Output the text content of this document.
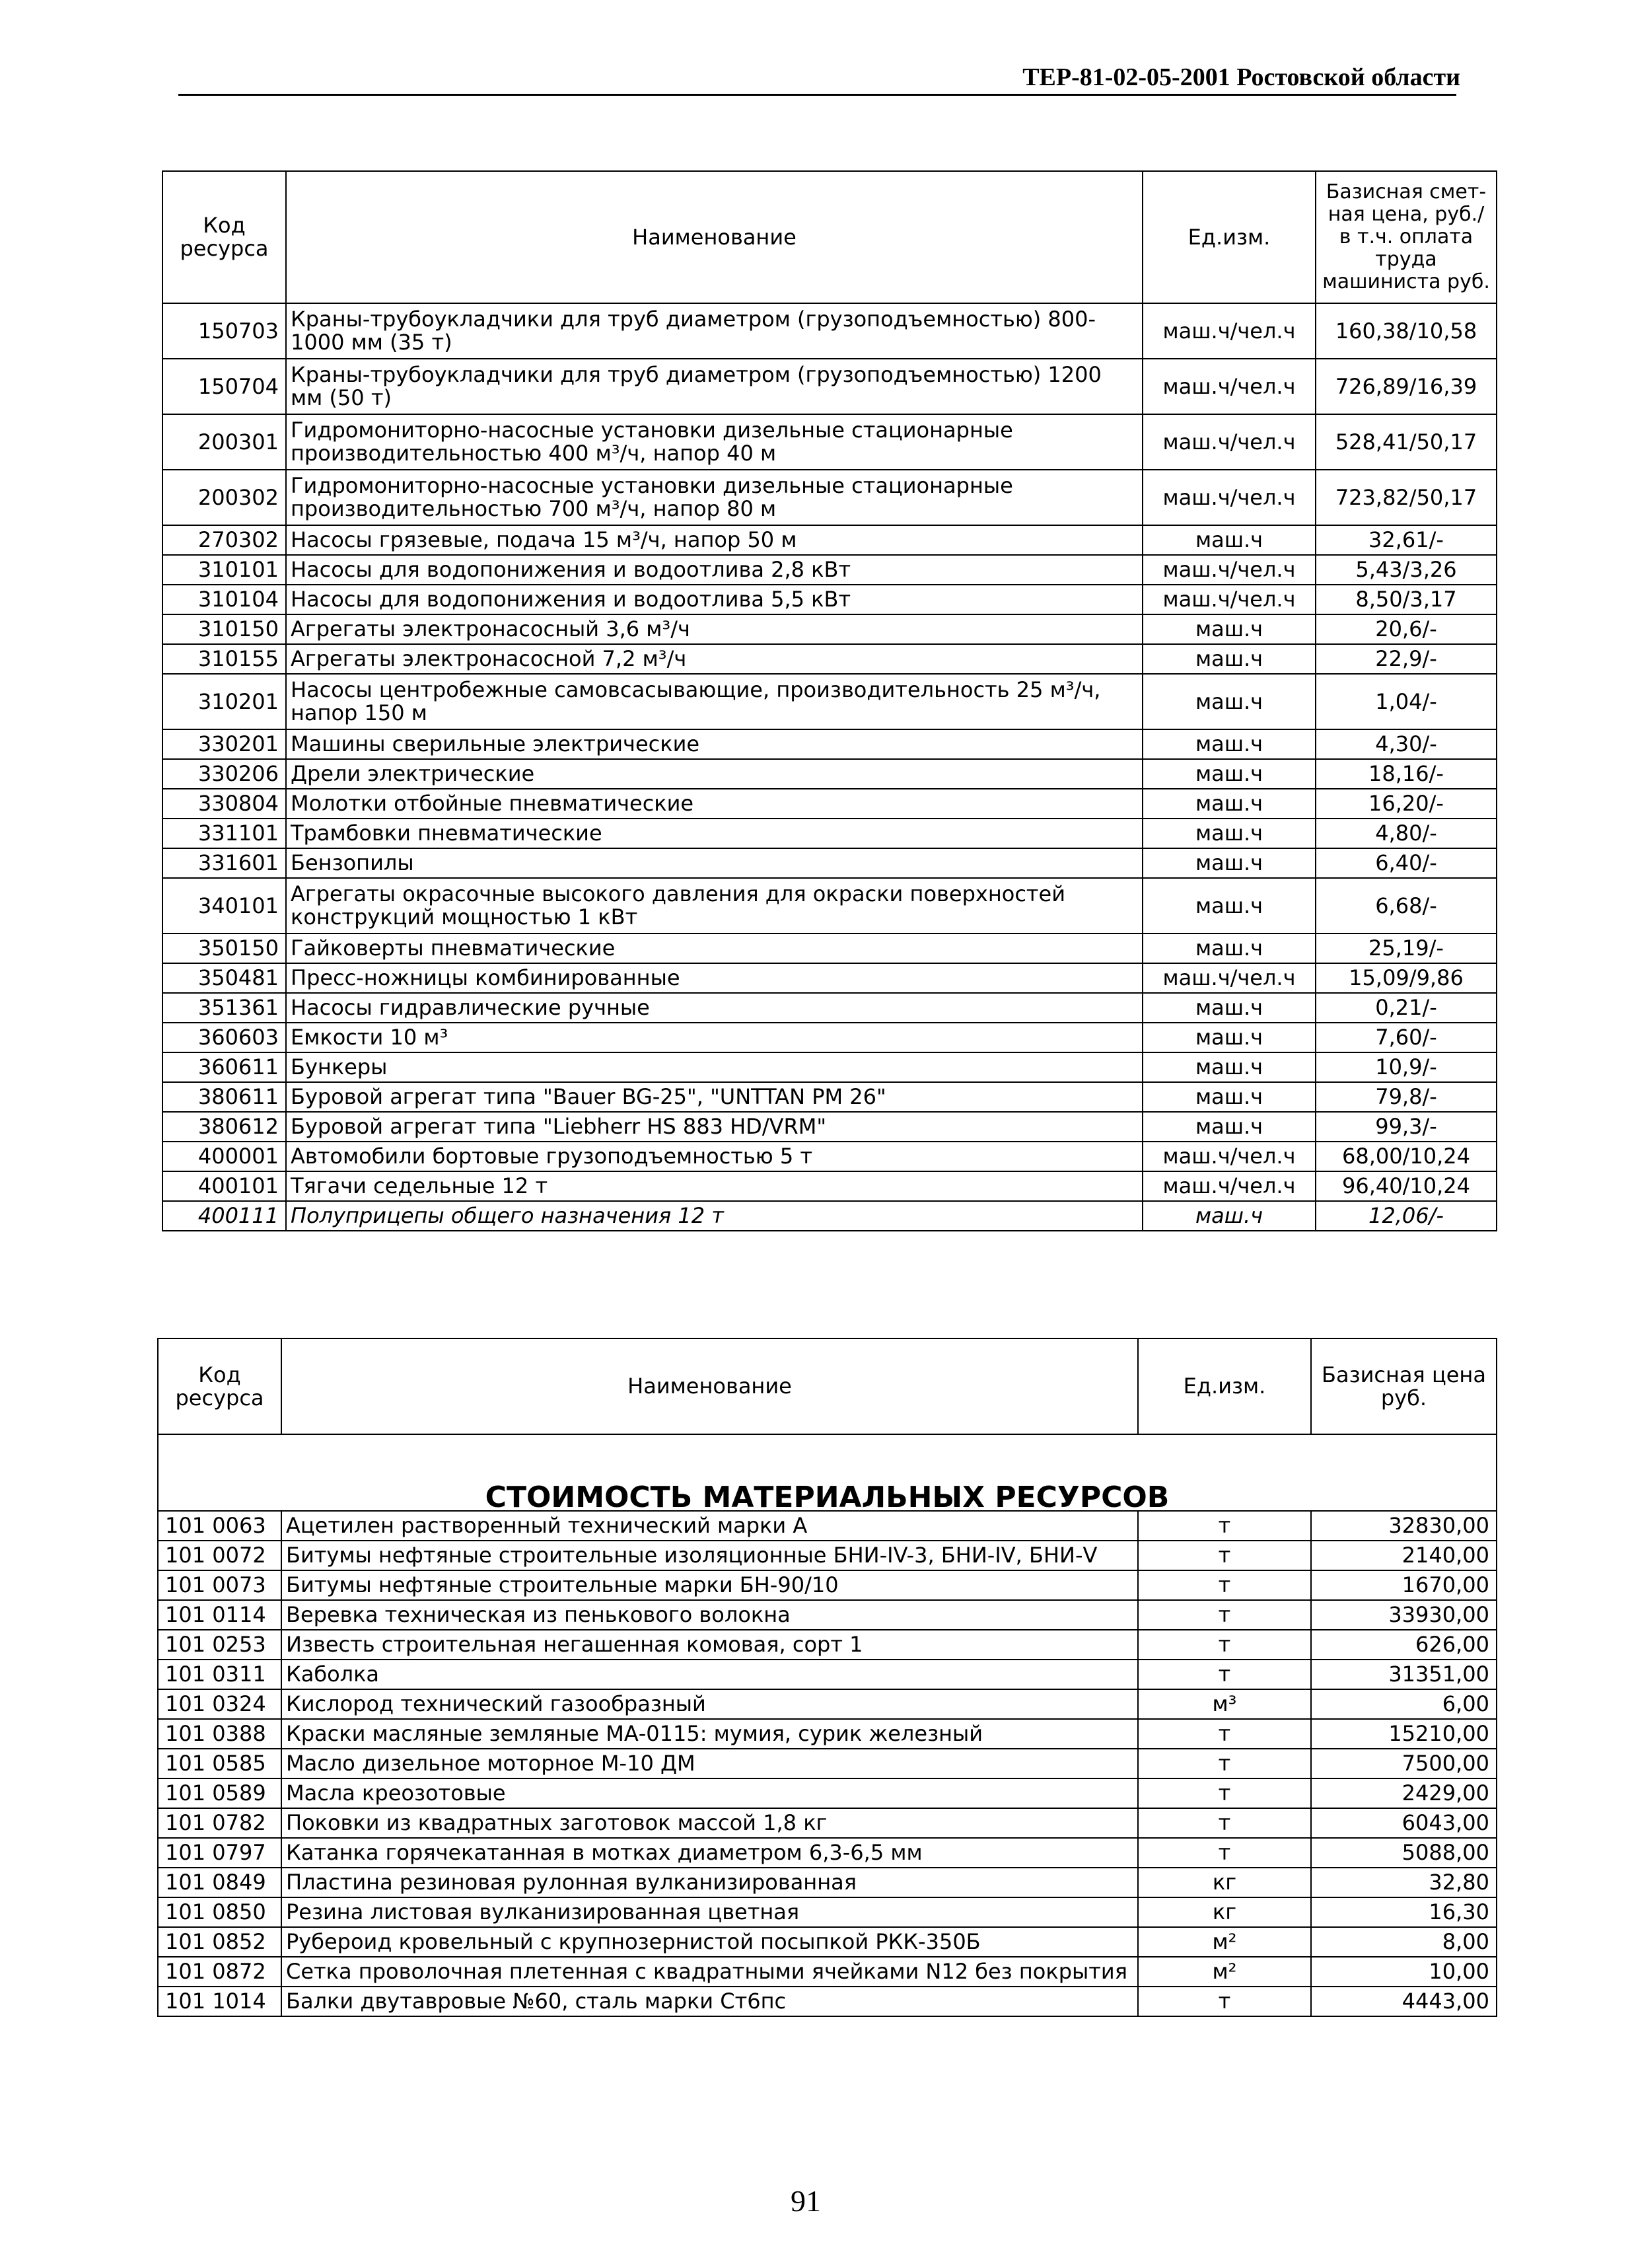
ТЕР-81-02-05-2001 Ростовской области
Код ресурса	Наименование	Ед.изм.	Базисная смет-ная цена, руб./ в т.ч. оплата труда машиниста руб.
150703	Краны-трубоукладчики для труб диаметром (грузоподъемностью) 800-1000 мм (35 т)	маш.ч/чел.ч	160,38/10,58
150704	Краны-трубоукладчики для труб диаметром (грузоподъемностью) 1200 мм (50 т)	маш.ч/чел.ч	726,89/16,39
200301	Гидромониторно-насосные установки дизельные стационарные производительностью 400 м³/ч, напор 40 м	маш.ч/чел.ч	528,41/50,17
200302	Гидромониторно-насосные установки дизельные стационарные производительностью 700 м³/ч, напор 80 м	маш.ч/чел.ч	723,82/50,17
270302	Насосы грязевые, подача 15 м³/ч, напор 50 м	маш.ч	32,61/-
310101	Насосы для водопонижения и водоотлива 2,8 кВт	маш.ч/чел.ч	5,43/3,26
310104	Насосы для водопонижения и водоотлива 5,5 кВт	маш.ч/чел.ч	8,50/3,17
310150	Агрегаты электронасосный 3,6 м³/ч	маш.ч	20,6/-
310155	Агрегаты электронасосной 7,2 м³/ч	маш.ч	22,9/-
310201	Насосы центробежные самовсасывающие, производительность 25 м³/ч, напор 150 м	маш.ч	1,04/-
330201	Машины сверильные электрические	маш.ч	4,30/-
330206	Дрели электрические	маш.ч	18,16/-
330804	Молотки отбойные пневматические	маш.ч	16,20/-
331101	Трамбовки пневматические	маш.ч	4,80/-
331601	Бензопилы	маш.ч	6,40/-
340101	Агрегаты окрасочные высокого давления для окраски поверхностей конструкций мощностью 1 кВт	маш.ч	6,68/-
350150	Гайковерты пневматические	маш.ч	25,19/-
350481	Пресс-ножницы комбинированные	маш.ч/чел.ч	15,09/9,86
351361	Насосы гидравлические ручные	маш.ч	0,21/-
360603	Емкости 10 м³	маш.ч	7,60/-
360611	Бункеры	маш.ч	10,9/-
380611	Буровой агрегат типа "Bauer BG-25", "UNTTAN PM 26"	маш.ч	79,8/-
380612	Буровой агрегат типа "Liebherr HS 883 HD/VRM"	маш.ч	99,3/-
400001	Автомобили бортовые грузоподъемностью 5 т	маш.ч/чел.ч	68,00/10,24
400101	Тягачи седельные 12 т	маш.ч/чел.ч	96,40/10,24
400111	Полуприцепы общего назначения 12 т	маш.ч	12,06/-
Код ресурса	Наименование	Ед.изм.	Базисная цена руб.
СТОИМОСТЬ МАТЕРИАЛЬНЫХ РЕСУРСОВ			
101 0063	Ацетилен растворенный технический марки А	т	32830,00
101 0072	Битумы нефтяные строительные изоляционные БНИ-IV-3, БНИ-IV, БНИ-V	т	2140,00
101 0073	Битумы нефтяные строительные марки БН-90/10	т	1670,00
101 0114	Веревка техническая из пенькового волокна	т	33930,00
101 0253	Известь строительная негашенная комовая, сорт 1	т	626,00
101 0311	Каболка	т	31351,00
101 0324	Кислород технический газообразный	м³	6,00
101 0388	Краски масляные земляные МА-0115: мумия, сурик железный	т	15210,00
101 0585	Масло дизельное моторное М-10 ДМ	т	7500,00
101 0589	Масла креозотовые	т	2429,00
101 0782	Поковки из квадратных заготовок массой 1,8 кг	т	6043,00
101 0797	Катанка горячекатанная в мотках диаметром 6,3-6,5 мм	т	5088,00
101 0849	Пластина резиновая рулонная вулканизированная	кг	32,80
101 0850	Резина листовая вулканизированная цветная	кг	16,30
101 0852	Рубероид кровельный с крупнозернистой посыпкой РКК-350Б	м²	8,00
101 0872	Сетка проволочная плетенная с квадратными ячейками N12 без покрытия	м²	10,00
101 1014	Балки двутавровые №60, сталь марки Ст6пс	т	4443,00
91
